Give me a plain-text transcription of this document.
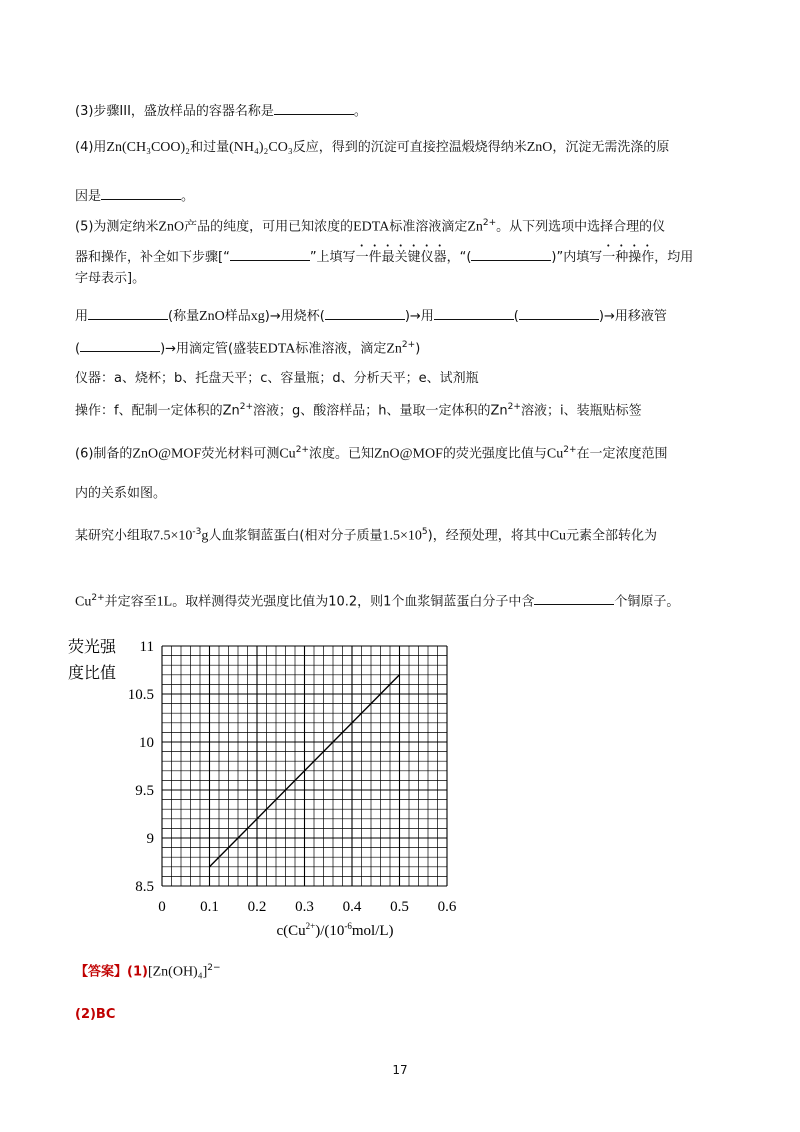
(3)步骤III，盛放样品的容器名称是	。
(4)用Zn(CH₃COO)₂和过量(NH₄)₂CO₃反应，得到的沉淀可直接控温煅烧得纳米ZnO，沉淀无需洗涤的原
因是	。
(5)为测定纳米ZnO产品的纯度，可用已知浓度的EDTA标准溶液滴定$Zn^{2+}$。从下列选项中选择合理的仪
器和操作，补全如下步骤[“	”上填写一件最关键仪器，“(	)”内填写一种操作，均用
字母表示]。
用	(称量ZnO样品xg)→用烧杯(	)→用	(	)→用移液管
(	)→用滴定管(盛装EDTA标准溶液，滴定$Zn^{2+}$)
仪器：a、烧杯；b、托盘天平；c、容量瓶；d、分析天平；e、试剂瓶
操作：f、配制一定体积的$Zn^{2+}$溶液；g、酸溶样品；h、量取一定体积的$Zn^{2+}$溶液；i、装瓶贴标签
(6)制备的ZnO@MOF荧光材料可测$Cu^{2+}$浓度。已知ZnO@MOF的荧光强度比值与$Cu^{2+}$在一定浓度范围
内的关系如图。
某研究小组取$7.5\times 10^{-3}g$人血浆铜蓝蛋白(相对分子质量$1.5\times 10^5$)，经预处理，将其中Cu元素全部转化为
$Cu^{2+}$并定容至1L。取样测得荧光强度比值为10.2，则1个血浆铜蓝蛋白分子中含	个铜原子。
荧光强度比值
8.5
9
9.5
10
10.5
11
0 0.1 0.2 0.3 0.4 0.5 0.6
$c(Cu^{2+})/(10^{-6}mol/L)$
【答案】$(1)[Zn(OH)_4]^{2-}$
(2)BC
17
